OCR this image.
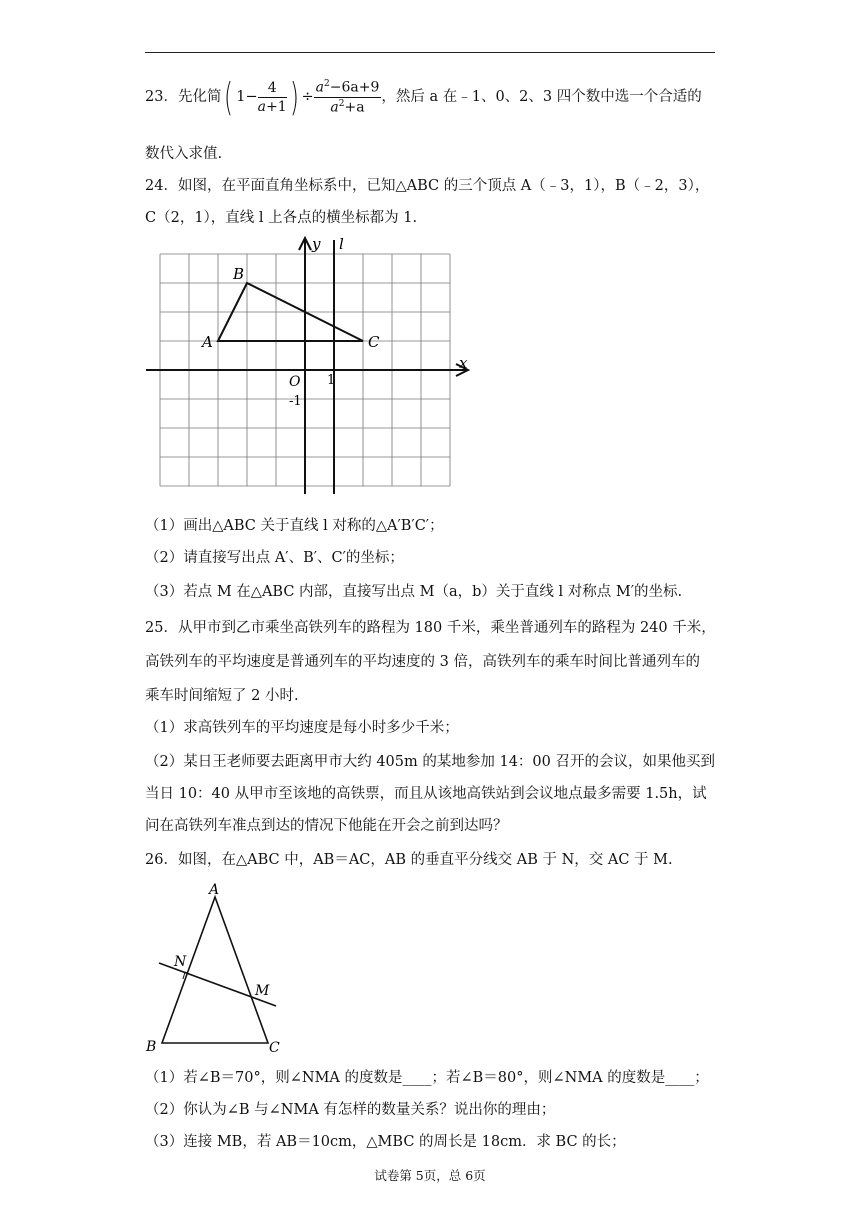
23．先化简( $1- \frac{4}{a+1}$ ) ÷ $\frac{a^2-6a+9}{a^2+a}$ ，然后 a 在﹣1、0、2、3 四个数中选一个合适的
数代入求值.
24．如图，在平面直角坐标系中，已知△ABC 的三个顶点 A（﹣3，1），B（﹣2，3），
C（2，1），直线 l 上各点的横坐标都为 1.
y l
x
O 1
-1
A
B
C
（1）画出△ABC 关于直线 l 对称的△A′B′C′；
（2）请直接写出点 A′、B′、C′的坐标；
（3）若点 M 在△ABC 内部，直接写出点 M（a，b）关于直线 l 对称点 M′的坐标.
25．从甲市到乙市乘坐高铁列车的路程为 180 千米，乘坐普通列车的路程为 240 千米，
高铁列车的平均速度是普通列车的平均速度的 3 倍，高铁列车的乘车时间比普通列车的
乘车时间缩短了 2 小时.
（1）求高铁列车的平均速度是每小时多少千米；
（2）某日王老师要去距离甲市大约 405m 的某地参加 14：00 召开的会议，如果他买到
当日 10：40 从甲市至该地的高铁票，而且从该地高铁站到会议地点最多需要 1.5h，试
问在高铁列车准点到达的情况下他能在开会之前到达吗？
26．如图，在△ABC 中，AB＝AC，AB 的垂直平分线交 AB 于 N，交 AC 于 M.
A
B	C
N
M
（1）若∠B＝70°，则∠NMA 的度数是____；若∠B＝80°，则∠NMA 的度数是____；
（2）你认为∠B 与∠NMA 有怎样的数量关系？说出你的理由；
（3）连接 MB，若 AB＝10cm，△MBC 的周长是 18cm．求 BC 的长；
试卷第 5页，总 6页
